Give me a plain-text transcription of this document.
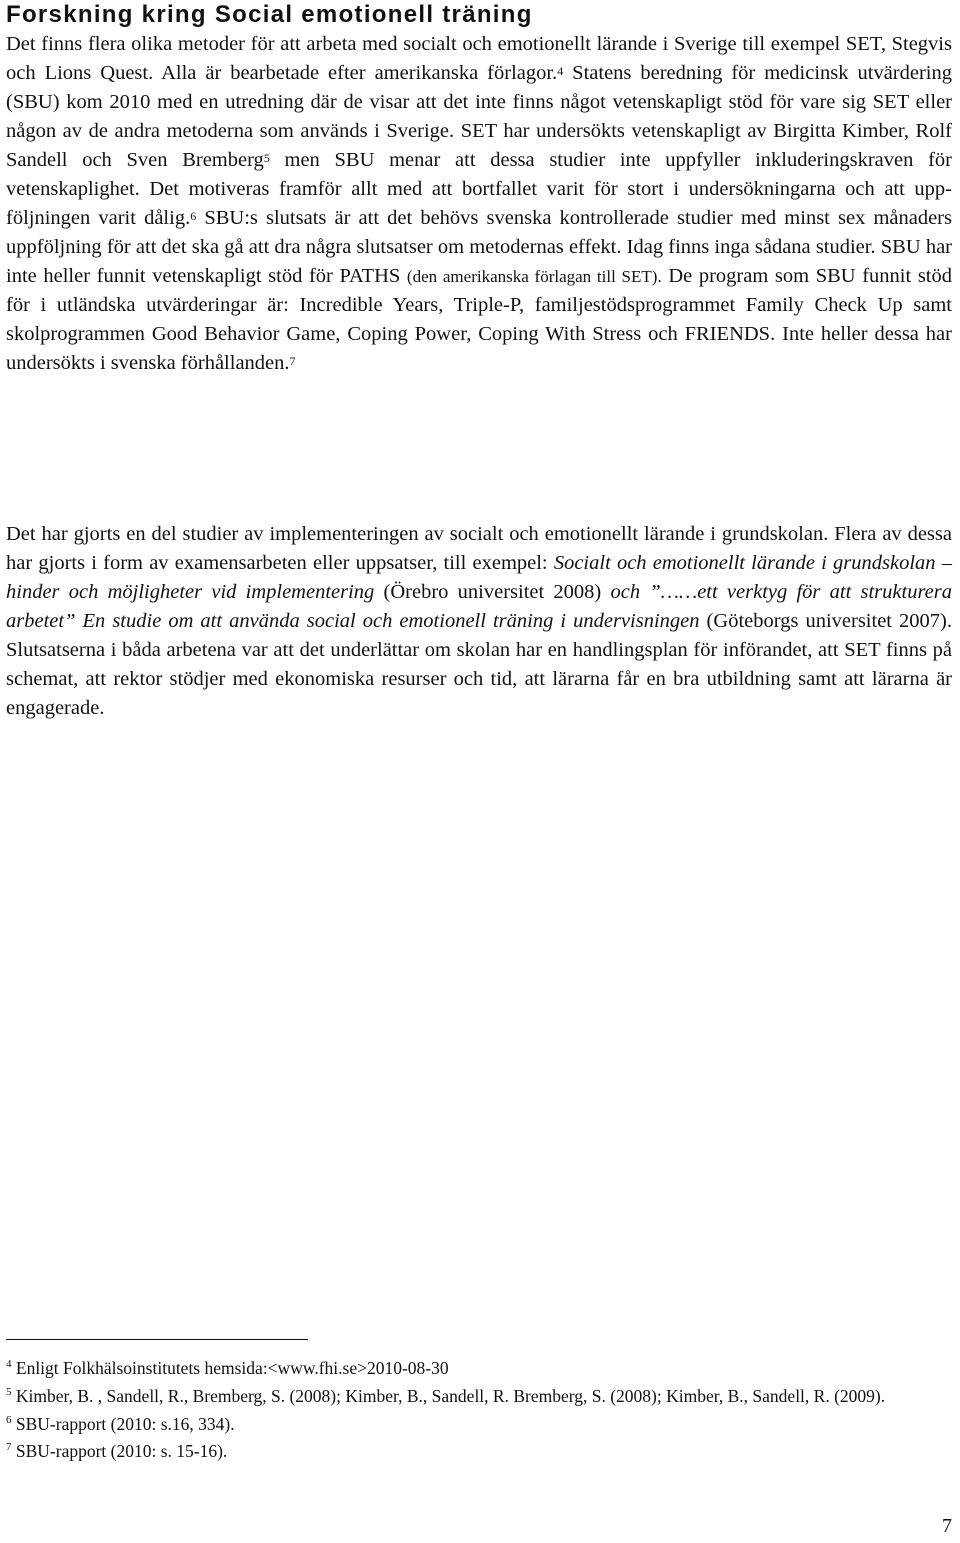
Forskning kring Social emotionell träning

Det finns flera olika metoder för att arbeta med socialt och emotionellt lärande i Sverige till exempel SET, Stegvis och Lions Quest. Alla är bearbetade efter amerikanska förlagor.$^4$ Statens beredning för medicinsk utvärdering (SBU) kom 2010 med en utredning där de visar att det inte finns något vetenskapligt stöd för vare sig SET eller någon av de andra metoderna som används i Sverige. SET har undersökts vetenskapligt av Birgitta Kimber, Rolf Sandell och Sven Bremberg$^5$ men SBU menar att dessa studier inte uppfyller inkluderingskraven för vetenskaplighet. Det motiveras framför allt med att bortfallet varit för stort i undersökningarna och att uppföljningen varit dålig.$^6$ SBU:s slutsats är att det behövs svenska kontrollerade studier med minst sex månaders uppföljning för att det ska gå att dra några slutsatser om metodernas effekt. Idag finns inga sådana studier. SBU har inte heller funnit vetenskapligt stöd för PATHS (den amerikanska förlagan till SET). De program som SBU funnit stöd för i utländska utvärderingar är: Incredible Years, Triple-P, familjestödsprogrammet Family Check Up samt skolprogrammen Good Behavior Game, Coping Power, Coping With Stress och FRIENDS. Inte heller dessa har undersökts i svenska förhållanden.$^7$

Det har gjorts en del studier av implementeringen av socialt och emotionellt lärande i grundskolan. Flera av dessa har gjorts i form av examensarbeten eller uppsatser, till exempel: Socialt och emotionellt lärande i grundskolan – hinder och möjligheter vid implementering (Örebro universitet 2008) och ”……ett verktyg för att strukturera arbetet” En studie om att använda social och emotionell träning i undervisningen (Göteborgs universitet 2007). Slutsatserna i båda arbetena var att det underlättar om skolan har en handlingsplan för införandet, att SET finns på schemat, att rektor stödjer med ekonomiska resurser och tid, att lärarna får en bra utbildning samt att lärarna är engagerade.

$^4$ Enligt Folkhälsoinstitutets hemsida:<www.fhi.se>2010-08-30

$^5$ Kimber, B. , Sandell, R., Bremberg, S. (2008); Kimber, B., Sandell, R. Bremberg, S. (2008); Kimber, B., Sandell, R. (2009).

$^6$ SBU-rapport (2010: s.16, 334).

$^7$ SBU-rapport (2010: s. 15-16).

7
